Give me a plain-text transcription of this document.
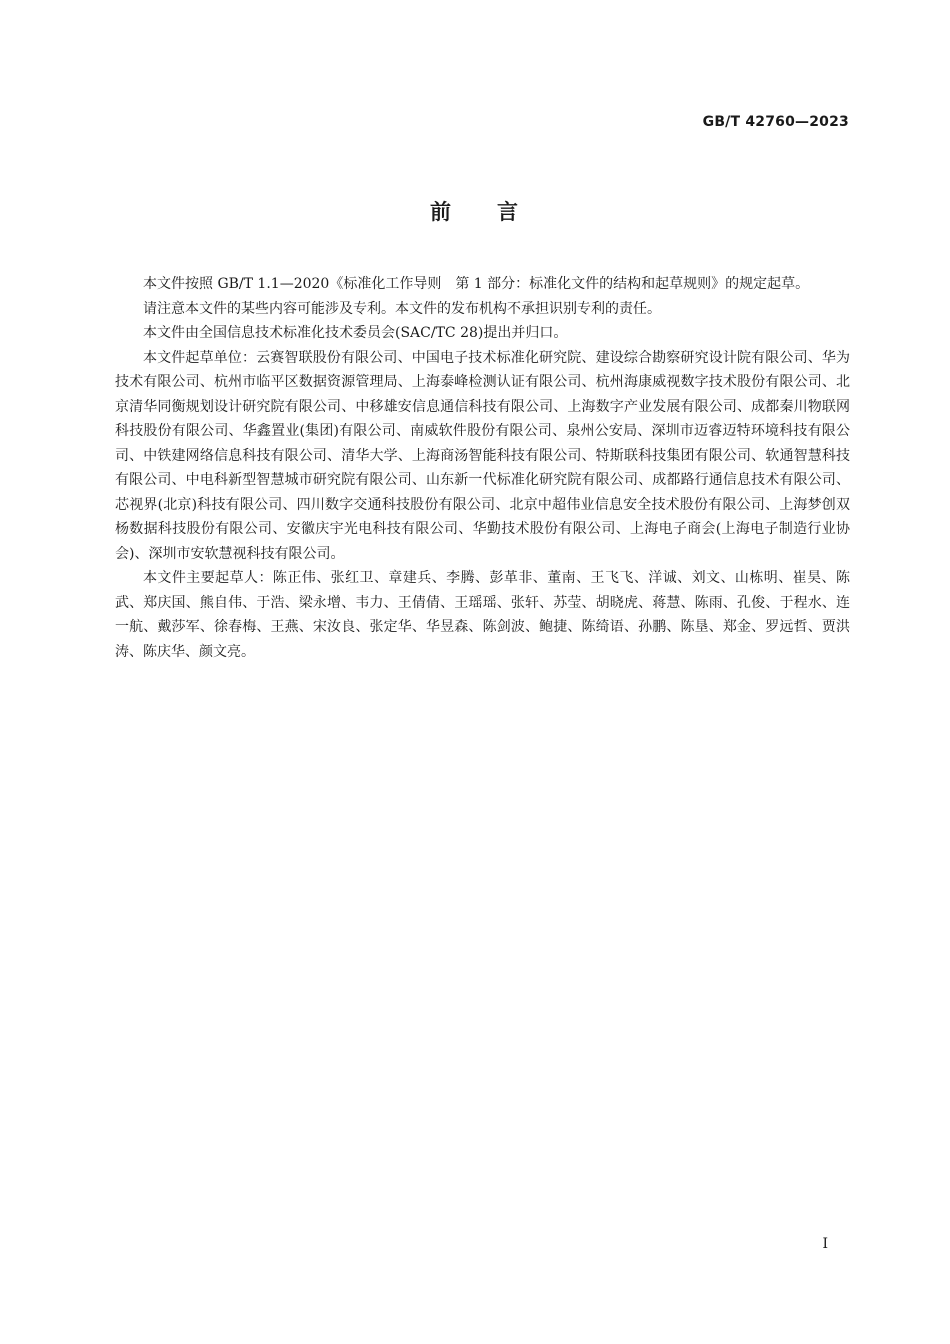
GB/T 42760—2023
前 言

本文件按照 GB/T 1.1—2020《标准化工作导则　第 1 部分：标准化文件的结构和起草规则》的规定起草。

请注意本文件的某些内容可能涉及专利。本文件的发布机构不承担识别专利的责任。

本文件由全国信息技术标准化技术委员会(SAC/TC 28)提出并归口。

本文件起草单位：云赛智联股份有限公司、中国电子技术标准化研究院、建设综合勘察研究设计院有限公司、华为技术有限公司、杭州市临平区数据资源管理局、上海泰峰检测认证有限公司、杭州海康威视数字技术股份有限公司、北京清华同衡规划设计研究院有限公司、中移雄安信息通信科技有限公司、上海数字产业发展有限公司、成都秦川物联网科技股份有限公司、华鑫置业(集团)有限公司、南威软件股份有限公司、泉州公安局、深圳市迈睿迈特环境科技有限公司、中铁建网络信息科技有限公司、清华大学、上海商汤智能科技有限公司、特斯联科技集团有限公司、软通智慧科技有限公司、中电科新型智慧城市研究院有限公司、山东新一代标准化研究院有限公司、成都路行通信息技术有限公司、芯视界(北京)科技有限公司、四川数字交通科技股份有限公司、北京中超伟业信息安全技术股份有限公司、上海梦创双杨数据科技股份有限公司、安徽庆宇光电科技有限公司、华勤技术股份有限公司、上海电子商会(上海电子制造行业协会)、深圳市安软慧视科技有限公司。

本文件主要起草人：陈正伟、张红卫、章建兵、李腾、彭革非、董南、王飞飞、洋诚、刘文、山栋明、崔昊、陈武、郑庆国、熊自伟、于浩、梁永增、韦力、王倩倩、王瑶瑶、张轩、苏莹、胡晓虎、蒋慧、陈雨、孔俊、于程水、连一航、戴莎军、徐春梅、王燕、宋汝良、张定华、华昱森、陈剑波、鲍捷、陈绮语、孙鹏、陈垦、郑金、罗远哲、贾洪涛、陈庆华、颜文亮。

I
